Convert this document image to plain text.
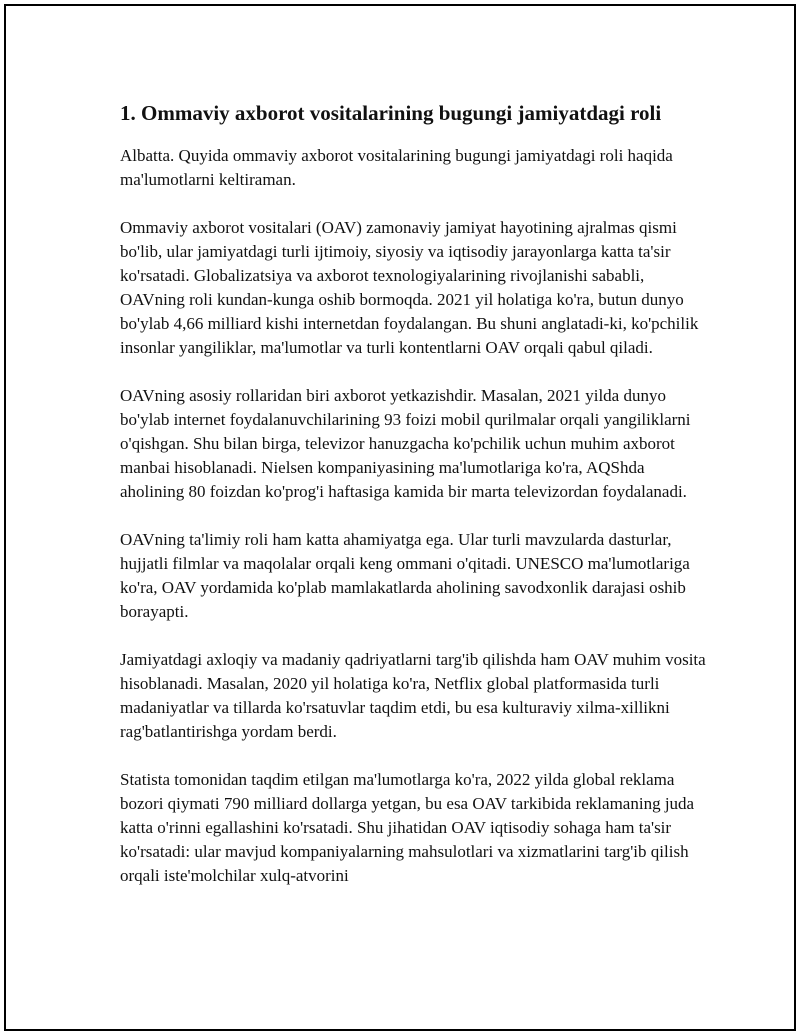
1. Ommaviy axborot vositalarining bugungi jamiyatdagi roli

Albatta. Quyida ommaviy axborot vositalarining bugungi jamiyatdagi roli haqida ma'lumotlarni keltiraman.

Ommaviy axborot vositalari (OAV) zamonaviy jamiyat hayotining ajralmas qismi bo'lib, ular jamiyatdagi turli ijtimoiy, siyosiy va iqtisodiy jarayonlarga katta ta'sir ko'rsatadi. Globalizatsiya va axborot texnologiyalarining rivojlanishi sababli, OAVning roli kundan-kunga oshib bormoqda. 2021 yil holatiga ko'ra, butun dunyo bo'ylab 4,66 milliard kishi internetdan foydalangan. Bu shuni anglatadi-ki, ko'pchilik insonlar yangiliklar, ma'lumotlar va turli kontentlarni OAV orqali qabul qiladi.

OAVning asosiy rollaridan biri axborot yetkazishdir. Masalan, 2021 yilda dunyo bo'ylab internet foydalanuvchilarining 93 foizi mobil qurilmalar orqali yangiliklarni o'qishgan. Shu bilan birga, televizor hanuzgacha ko'pchilik uchun muhim axborot manbai hisoblanadi. Nielsen kompaniyasining ma'lumotlariga ko'ra, AQShda aholining 80 foizdan ko'prog'i haftasiga kamida bir marta televizordan foydalanadi.

OAVning ta'limiy roli ham katta ahamiyatga ega. Ular turli mavzularda dasturlar, hujjatli filmlar va maqolalar orqali keng ommani o'qitadi. UNESCO ma'lumotlariga ko'ra, OAV yordamida ko'plab mamlakatlarda aholining savodxonlik darajasi oshib borayapti.

Jamiyatdagi axloqiy va madaniy qadriyatlarni targ'ib qilishda ham OAV muhim vosita hisoblanadi. Masalan, 2020 yil holatiga ko'ra, Netflix global platformasida turli madaniyatlar va tillarda ko'rsatuvlar taqdim etdi, bu esa kulturaviy xilma-xillikni rag'batlantirishga yordam berdi.

Statista tomonidan taqdim etilgan ma'lumotlarga ko'ra, 2022 yilda global reklama bozori qiymati 790 milliard dollarga yetgan, bu esa OAV tarkibida reklamaning juda katta o'rinni egallashini ko'rsatadi. Shu jihatidan OAV iqtisodiy sohaga ham ta'sir ko'rsatadi: ular mavjud kompaniyalarning mahsulotlari va xizmatlarini targ'ib qilish orqali iste'molchilar xulq-atvorini
